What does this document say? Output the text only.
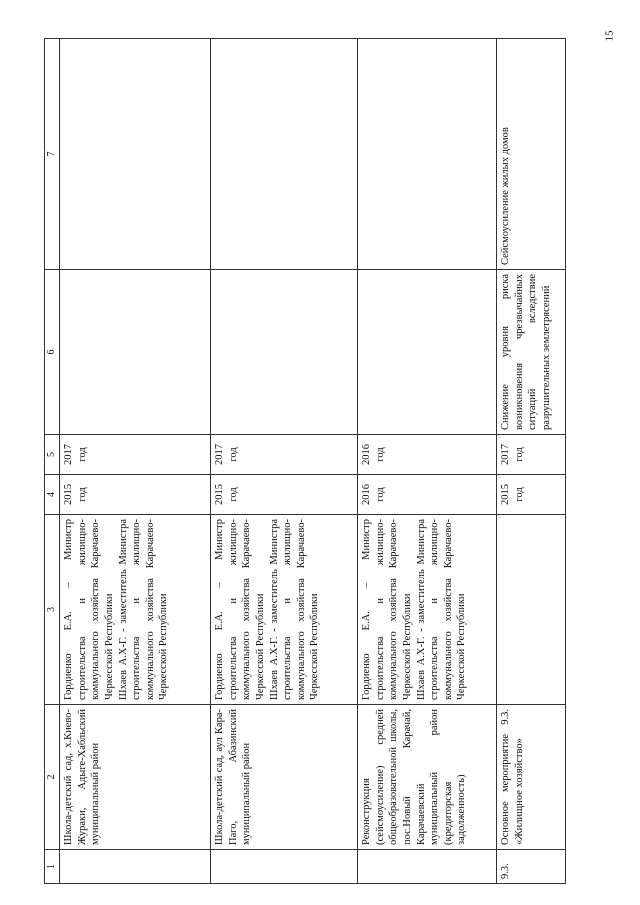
15
1	2	3	4	5	6	7
	Школа-детский сад, х.Киево-Жураки, Адыге-Хабльский муниципальный район	Гордиенко Е.А. – Министр строительства и жилищно-коммунального хозяйства Карачаево-Черкесской Республики
Шхаев А.Х-Г. - заместитель Министра строительства и жилищно-коммунального хозяйства Карачаево-Черкесской Республики	2015 год	2017 год		
	Школа-детский сад, аул Кара-Паго, Абазинский муниципальный район	Гордиенко Е.А. – Министр строительства и жилищно-коммунального хозяйства Карачаево-Черкесской Республики
Шхаев А.Х-Г. - заместитель Министра строительства и жилищно-коммунального хозяйства Карачаево-Черкесской Республики	2015 год	2017 год		
	Реконструкция (сейсмоусиление) средней общеобразовательной школы, пос.Новый Карачай, Карачаевский муниципальный район (кредиторская задолженность)	Гордиенко Е.А. – Министр строительства и жилищно-коммунального хозяйства Карачаево-Черкесской Республики
Шхаев А.Х-Г. - заместитель Министра строительства и жилищно-коммунального хозяйства Карачаево-Черкесской Республики	2016 год	2016 год		
9.3.	Основное мероприятие 9.3. «Жилищное хозяйство»		2015 год	2017 год	Снижение уровня риска возникновения чрезвычайных ситуаций вследствие разрушительных землетрясений	Сейсмоусиление жилых домов
